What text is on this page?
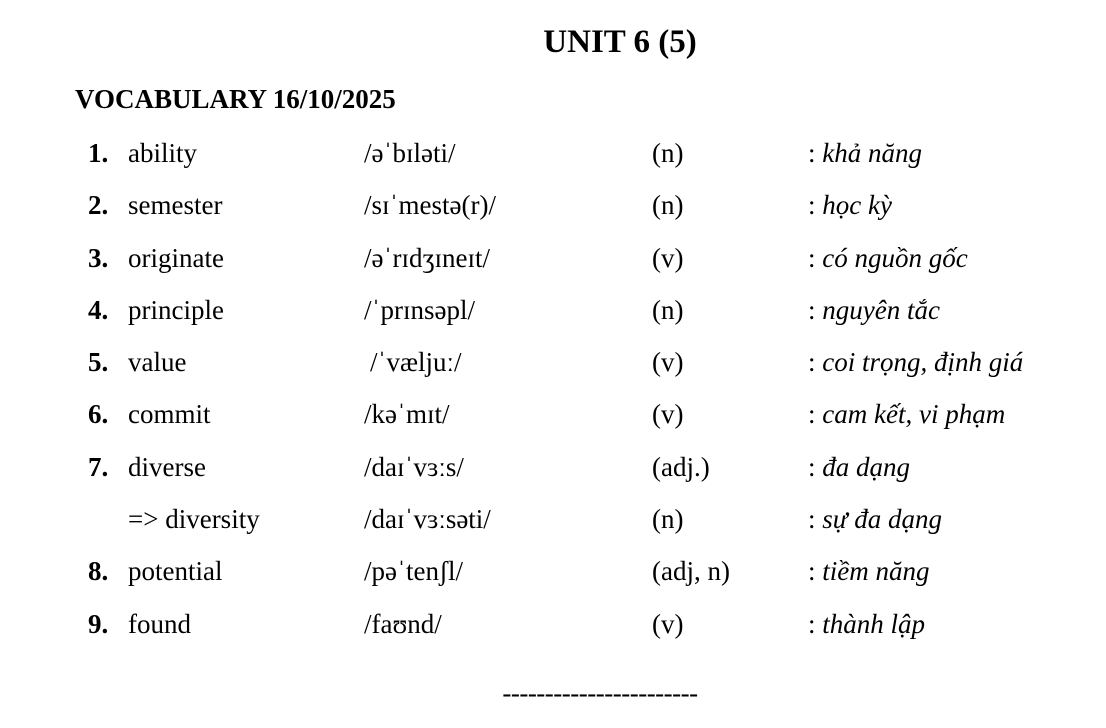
UNIT 6 (5)
VOCABULARY 16/10/2025
1. ability	/əˈbɪləti/	(n)	: khả năng
2. semester	/sɪˈmestə(r)/	(n)	: học kỳ
3. originate	/əˈrɪdʒɪneɪt/	(v)	: có nguồn gốc
4. principle	/ˈprɪnsəpl/	(n)	: nguyên tắc
5. value	/ˈvæljuː/	(v)	: coi trọng, định giá
6. commit	/kəˈmɪt/	(v)	: cam kết, vi phạm
7. diverse	/daɪˈvɜːs/	(adj.)	: đa dạng
=> diversity	/daɪˈvɜːsəti/	(n)	: sự đa dạng
8. potential	/pəˈtenʃl/	(adj, n)	: tiềm năng
9. found	/faʊnd/	(v)	: thành lập
-----------------------
